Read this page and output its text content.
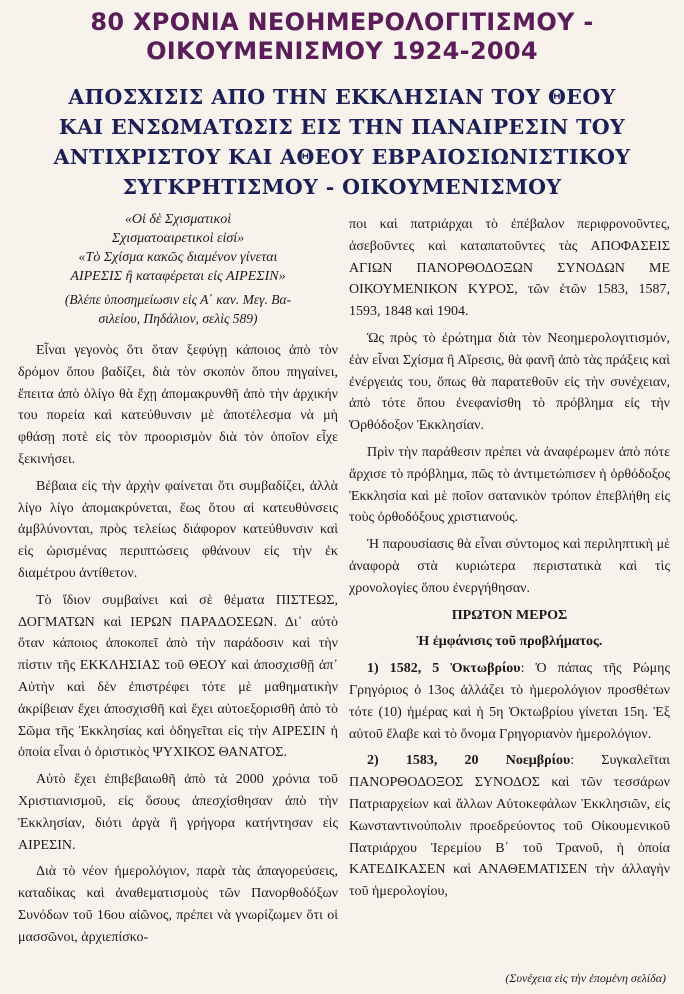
80 ΧΡΟΝΙΑ ΝΕΟΗΜΕΡΟΛΟΓΙΤΙΣΜΟΥ -
ΟΙΚΟΥΜΕΝΙΣΜΟΥ 1924-2004
ΑΠΟΣΧΙΣΙΣ ΑΠΟ ΤΗΝ ΕΚΚΛΗΣΙΑΝ ΤΟΥ ΘΕΟΥ
ΚΑΙ ΕΝΣΩΜΑΤΩΣΙΣ ΕΙΣ ΤΗΝ ΠΑΝΑΙΡΕΣΙΝ ΤΟΥ
ΑΝΤΙΧΡΙΣΤΟΥ ΚΑΙ ΑΘΕΟΥ ΕΒΡΑΙΟΣΙΩΝΙΣΤΙΚΟΥ
ΣΥΓΚΡΗΤΙΣΜΟΥ - ΟΙΚΟΥΜΕΝΙΣΜΟΥ
«Οἱ δὲ Σχισματικοὶ
Σχισματοαιρετικοὶ εἰσί»
«Τὸ Σχίσμα κακῶς διαμένον γίνεται
ΑΙΡΕΣΙΣ ἢ καταφέρεται εἰς ΑΙΡΕΣΙΝ»
(Βλέπε ὑποσημείωσιν εἰς Α΄ καν. Μεγ. Βα-
σιλείου, Πηδάλιον, σελὶς 589)

Εἶναι γεγονὸς ὅτι ὅταν ξεφύγῃ κάποιος ἀπὸ τὸν δρόμον ὅπου βαδίζει, διὰ τὸν σκοπὸν ὅπου πηγαίνει, ἔπειτα ἀπὸ ὀλίγο θὰ ἔχῃ ἀπομακρυνθῆ ἀπὸ τὴν ἀρχικήν του πορεία καὶ κατεύθυνσιν μὲ ἀποτέλεσμα νὰ μὴ φθάσῃ ποτὲ εἰς τὸν προορισμὸν διὰ τὸν ὁποῖον εἶχε ξεκινήσει.

Βέβαια εἰς τὴν ἀρχὴν φαίνεται ὅτι συμβαδίζει, ἀλλὰ λίγο λίγο ἀπομακρύνεται, ἕως ὅτου αἱ κατευθύνσεις ἀμβλύνονται, πρὸς τελείως διάφορον κατεύθυνσιν καὶ εἰς ὡρισμένας περιπτώσεις φθάνουν εἰς τὴν ἐκ διαμέτρου ἀντίθετον.

Τὸ ἴδιον συμβαίνει καὶ σὲ θέματα ΠΙΣΤΕΩΣ, ΔΟΓΜΑΤΩΝ καὶ ΙΕΡΩΝ ΠΑΡΑΔΟΣΕΩΝ. Δι᾽ αὐτὸ ὅταν κάποιος ἀποκοπεῖ ἀπὸ τὴν παράδοσιν καὶ τὴν πίστιν τῆς ΕΚΚΛΗΣΙΑΣ τοῦ ΘΕΟΥ καὶ ἀποσχισθῇ ἀπ᾽ Αὐτὴν καὶ δὲν ἐπιστρέφει τότε μὲ μαθηματικὴν ἀκρίβειαν ἔχει ἀποσχισθῆ καὶ ἔχει αὐτοεξορισθῆ ἀπὸ τὸ Σῶμα τῆς Ἐκκλησίας καὶ ὁδηγεῖται εἰς τὴν ΑΙΡΕΣΙΝ ἡ ὁποία εἶναι ὁ ὁριστικὸς ΨΥΧΙΚΟΣ ΘΑΝΑΤΟΣ.

Αὐτὸ ἔχει ἐπιβεβαιωθῆ ἀπὸ τὰ 2000 χρόνια τοῦ Χριστιανισμοῦ, εἰς ὅσους ἀπεσχίσθησαν ἀπὸ τὴν Ἐκκλησίαν, διότι ἀργὰ ἢ γρήγορα κατήντησαν εἰς ΑΙΡΕΣΙΝ.

Διὰ τὸ νέον ἡμερολόγιον, παρὰ τὰς ἀπαγορεύσεις, καταδίκας καὶ ἀναθεματισμοὺς τῶν Πανορθοδόξων Συνόδων τοῦ 16ου αἰῶνος, πρέπει νὰ γνωρίζωμεν ὅτι οἱ μασσῶνοι, ἀρχιεπίσκο-

ποι καὶ πατριάρχαι τὸ ἐπέβαλον περιφρονοῦντες, ἀσεβοῦντες καὶ καταπατοῦντες τὰς ΑΠΟΦΑΣΕΙΣ ΑΓΙΩΝ ΠΑΝΟΡΘΟΔΟΞΩΝ ΣΥΝΟΔΩΝ ΜΕ ΟΙΚΟΥΜΕΝΙΚΟΝ ΚΥΡΟΣ, τῶν ἐτῶν 1583, 1587, 1593, 1848 καὶ 1904.

Ὡς πρὸς τὸ ἐρώτημα διὰ τὸν Νεοημερολογιτισμόν, ἐὰν εἶναι Σχίσμα ἢ Αἵρεσις, θὰ φανῆ ἀπὸ τὰς πράξεις καὶ ἐνέργειάς του, ὅπως θὰ παρατεθοῦν εἰς τὴν συνέχειαν, ἀπὸ τότε ὅπου ἐνεφανίσθη τὸ πρόβλημα εἰς τὴν Ὀρθόδοξον Ἐκκλησίαν.

Πρὶν τὴν παράθεσιν πρέπει νὰ ἀναφέρωμεν ἀπὸ πότε ἄρχισε τὸ πρόβλημα, πῶς τὸ ἀντιμετώπισεν ἡ ὀρθόδοξος Ἐκκλησία καὶ μὲ ποῖον σατανικὸν τρόπον ἐπεβλήθη εἰς τοὺς ὀρθοδόξους χριστιανούς.

Ἡ παρουσίασις θὰ εἶναι σύντομος καὶ περιληπτικὴ μὲ ἀναφορὰ στὰ κυριώτερα περιστατικὰ καὶ τὶς χρονολογίες ὅπου ἐνεργήθησαν.

ΠΡΩΤΟΝ ΜΕΡΟΣ

Ἡ ἐμφάνισις τοῦ προβλήματος.

1) 1582, 5 Ὀκτωβρίου: Ὁ πάπας τῆς Ρώμης Γρηγόριος ὁ 13ος ἀλλάζει τὸ ἡμερολόγιον προσθέτων τότε (10) ἡμέρας καὶ ἡ 5η Ὀκτωβρίου γίνεται 15η. Ἐξ αὐτοῦ ἔλαβε καὶ τὸ ὄνομα Γρηγοριανὸν ἡμερολόγιον.

2) 1583, 20 Νοεμβρίου: Συγκαλεῖται ΠΑΝΟΡΘΟΔΟΞΟΣ ΣΥΝΟΔΟΣ καὶ τῶν τεσσάρων Πατριαρχείων καὶ ἄλλων Αὐτοκεφάλων Ἐκκλησιῶν, εἰς Κωνσταντινούπολιν προεδρεύοντος τοῦ Οἰκουμενικοῦ Πατριάρχου Ἰερεμίου Β΄ τοῦ Τρανοῦ, ἡ ὁποία ΚΑΤΕΔΙΚΑΣΕΝ καὶ ΑΝΑΘΕΜΑΤΙΣΕΝ τὴν ἀλλαγὴν τοῦ ἡμερολογίου,

(Συνέχεια εἰς τὴν ἑπομένη σελίδα)
